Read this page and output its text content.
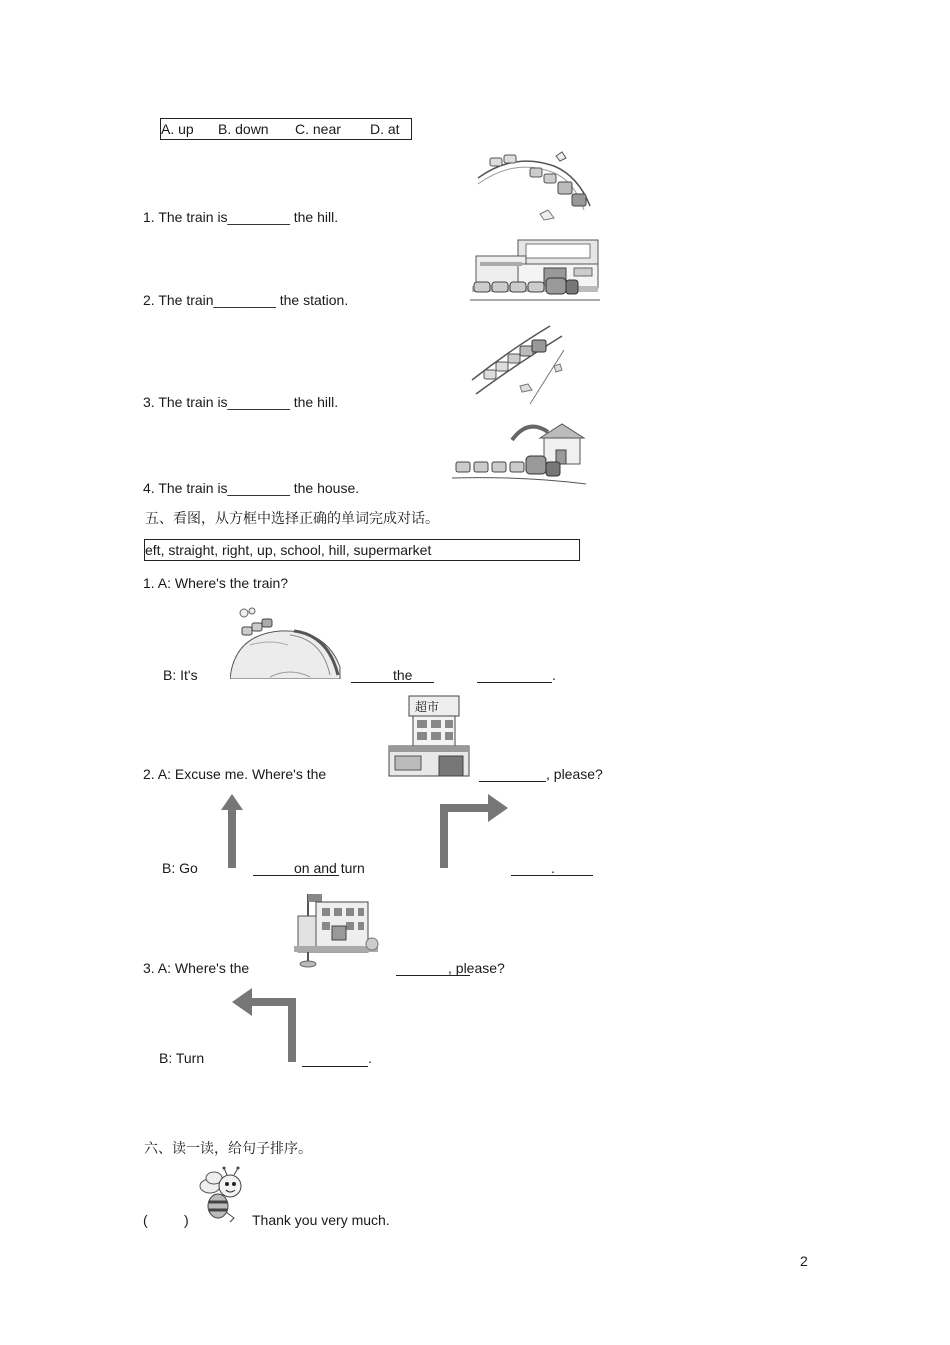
A. up B. down C. near D. at
1. The train is________ the hill.
2. The train________ the station.
3. The train is________ the hill.
4. The train is________ the house.
五、看图，从方框中选择正确的单词完成对话。
eft, straight, right, up, school, hill, supermarket
1. A: Where's the train?
B: It's	the	.
超市
2. A: Excuse me. Where's the	, please?
B: Go	on and turn	.
3. A: Where's the	, please?
B: Turn	.
六、读一读，给句子排序。
(	)	Thank you very much.
2
